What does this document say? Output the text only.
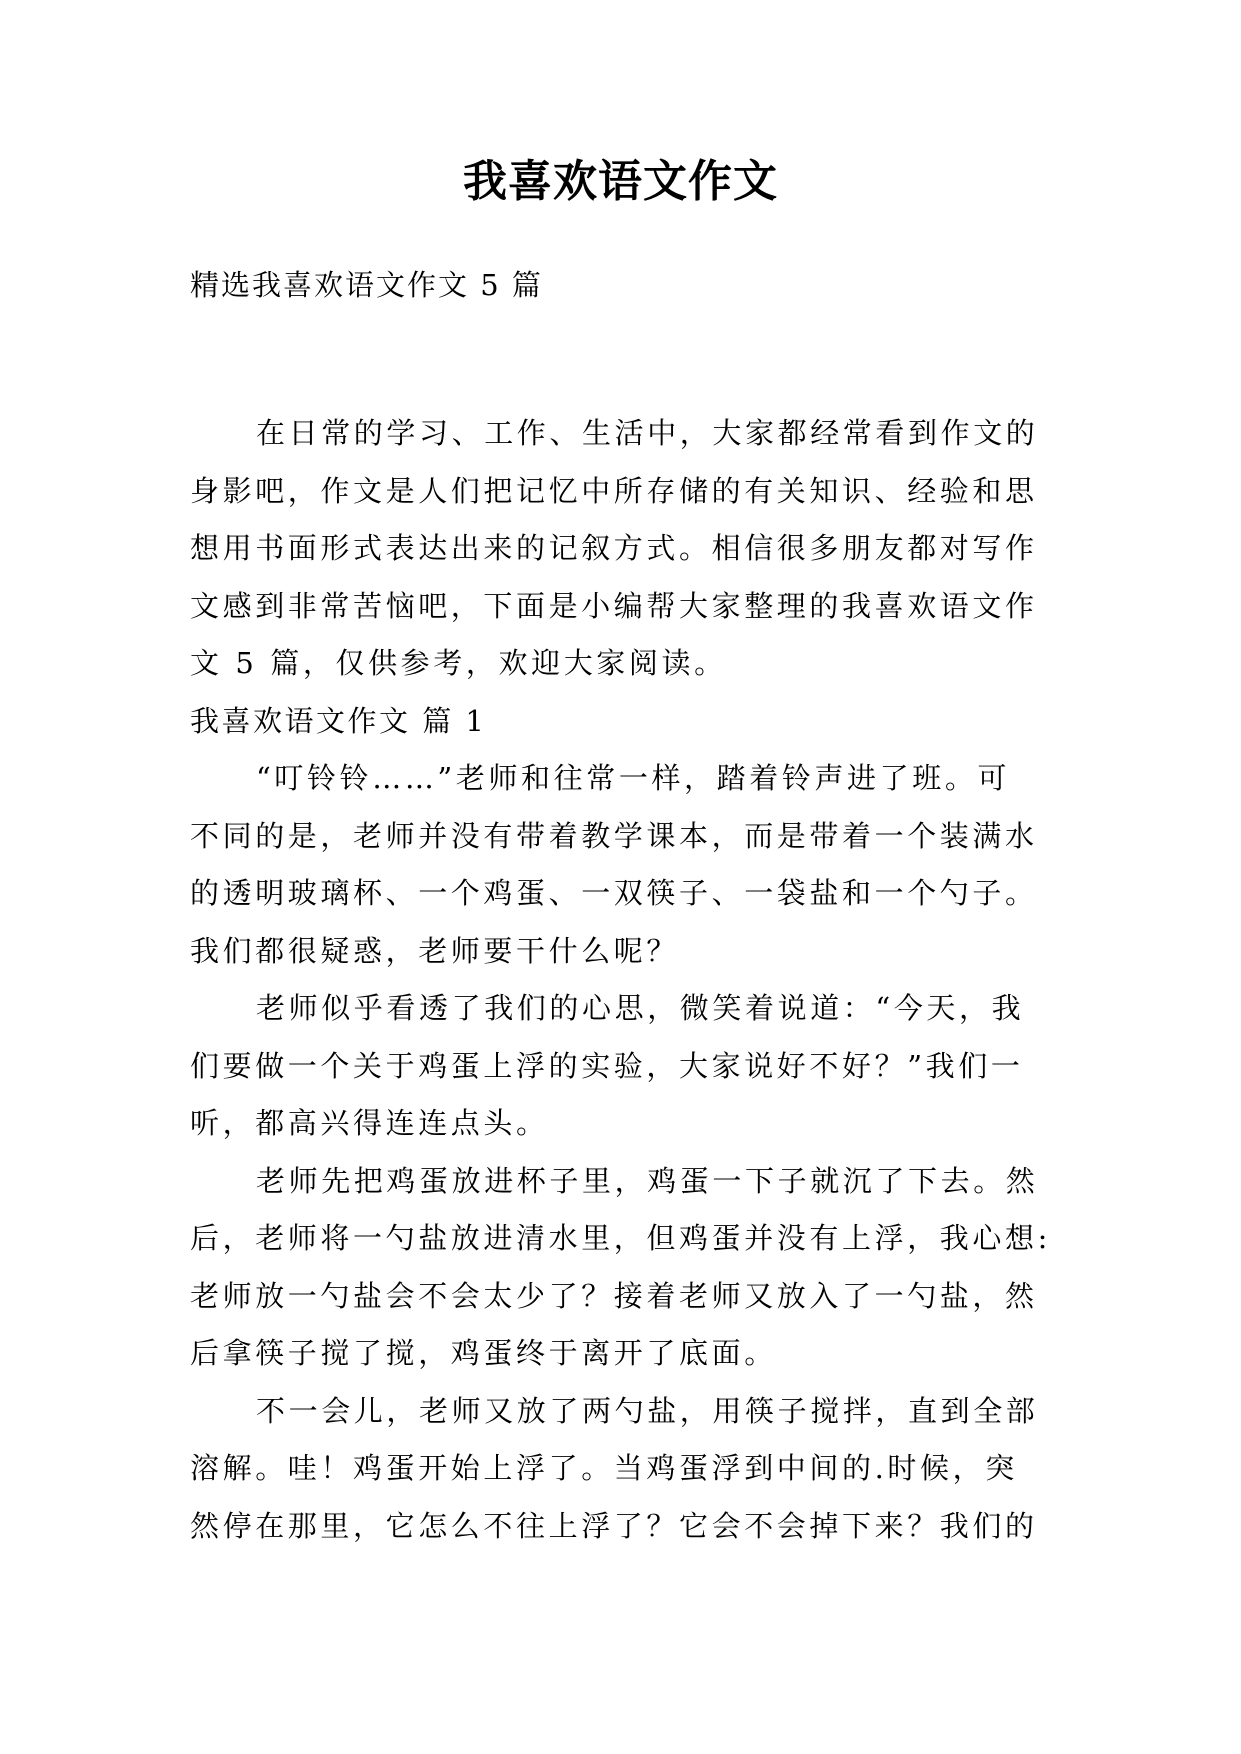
我喜欢语文作文
精选我喜欢语文作文 5 篇
在日常的学习、工作、生活中，大家都经常看到作文的
身影吧，作文是人们把记忆中所存储的有关知识、经验和思
想用书面形式表达出来的记叙方式。相信很多朋友都对写作
文感到非常苦恼吧，下面是小编帮大家整理的我喜欢语文作
文 5 篇，仅供参考，欢迎大家阅读。
我喜欢语文作文 篇 1
“叮铃铃……”老师和往常一样，踏着铃声进了班。可
不同的是，老师并没有带着教学课本，而是带着一个装满水
的透明玻璃杯、一个鸡蛋、一双筷子、一袋盐和一个勺子。
我们都很疑惑，老师要干什么呢？
老师似乎看透了我们的心思，微笑着说道：“今天，我
们要做一个关于鸡蛋上浮的实验，大家说好不好？”我们一
听，都高兴得连连点头。
老师先把鸡蛋放进杯子里，鸡蛋一下子就沉了下去。然
后，老师将一勺盐放进清水里，但鸡蛋并没有上浮，我心想:
老师放一勺盐会不会太少了？接着老师又放入了一勺盐，然
后拿筷子搅了搅，鸡蛋终于离开了底面。
不一会儿，老师又放了两勺盐，用筷子搅拌，直到全部
溶解。哇！鸡蛋开始上浮了。当鸡蛋浮到中间的.时候，突
然停在那里，它怎么不往上浮了？它会不会掉下来？我们的
